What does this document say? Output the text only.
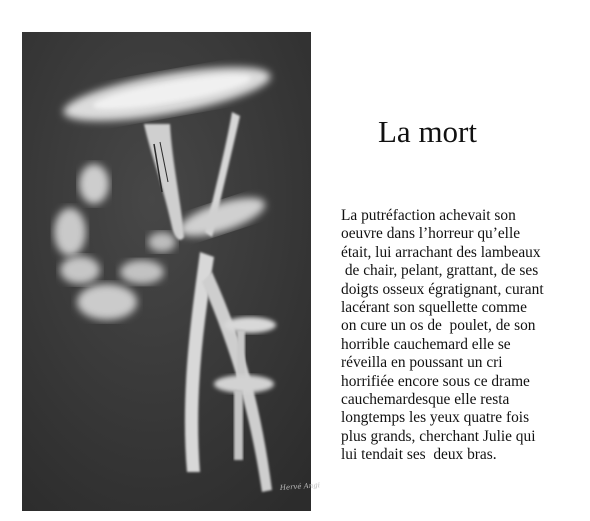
Hervé Angi
La mort
La putréfaction achevait son
oeuvre dans l’horreur qu’elle
était, lui arrachant des lambeaux
de chair, pelant, grattant, de ses
doigts osseux égratignant, curant
lacérant son squellette comme
on cure un os de  poulet, de son
horrible cauchemard elle se
réveilla en poussant un cri
horrifiée encore sous ce drame
cauchemardesque elle resta
longtemps les yeux quatre fois
plus grands, cherchant Julie qui
lui tendait ses  deux bras.
